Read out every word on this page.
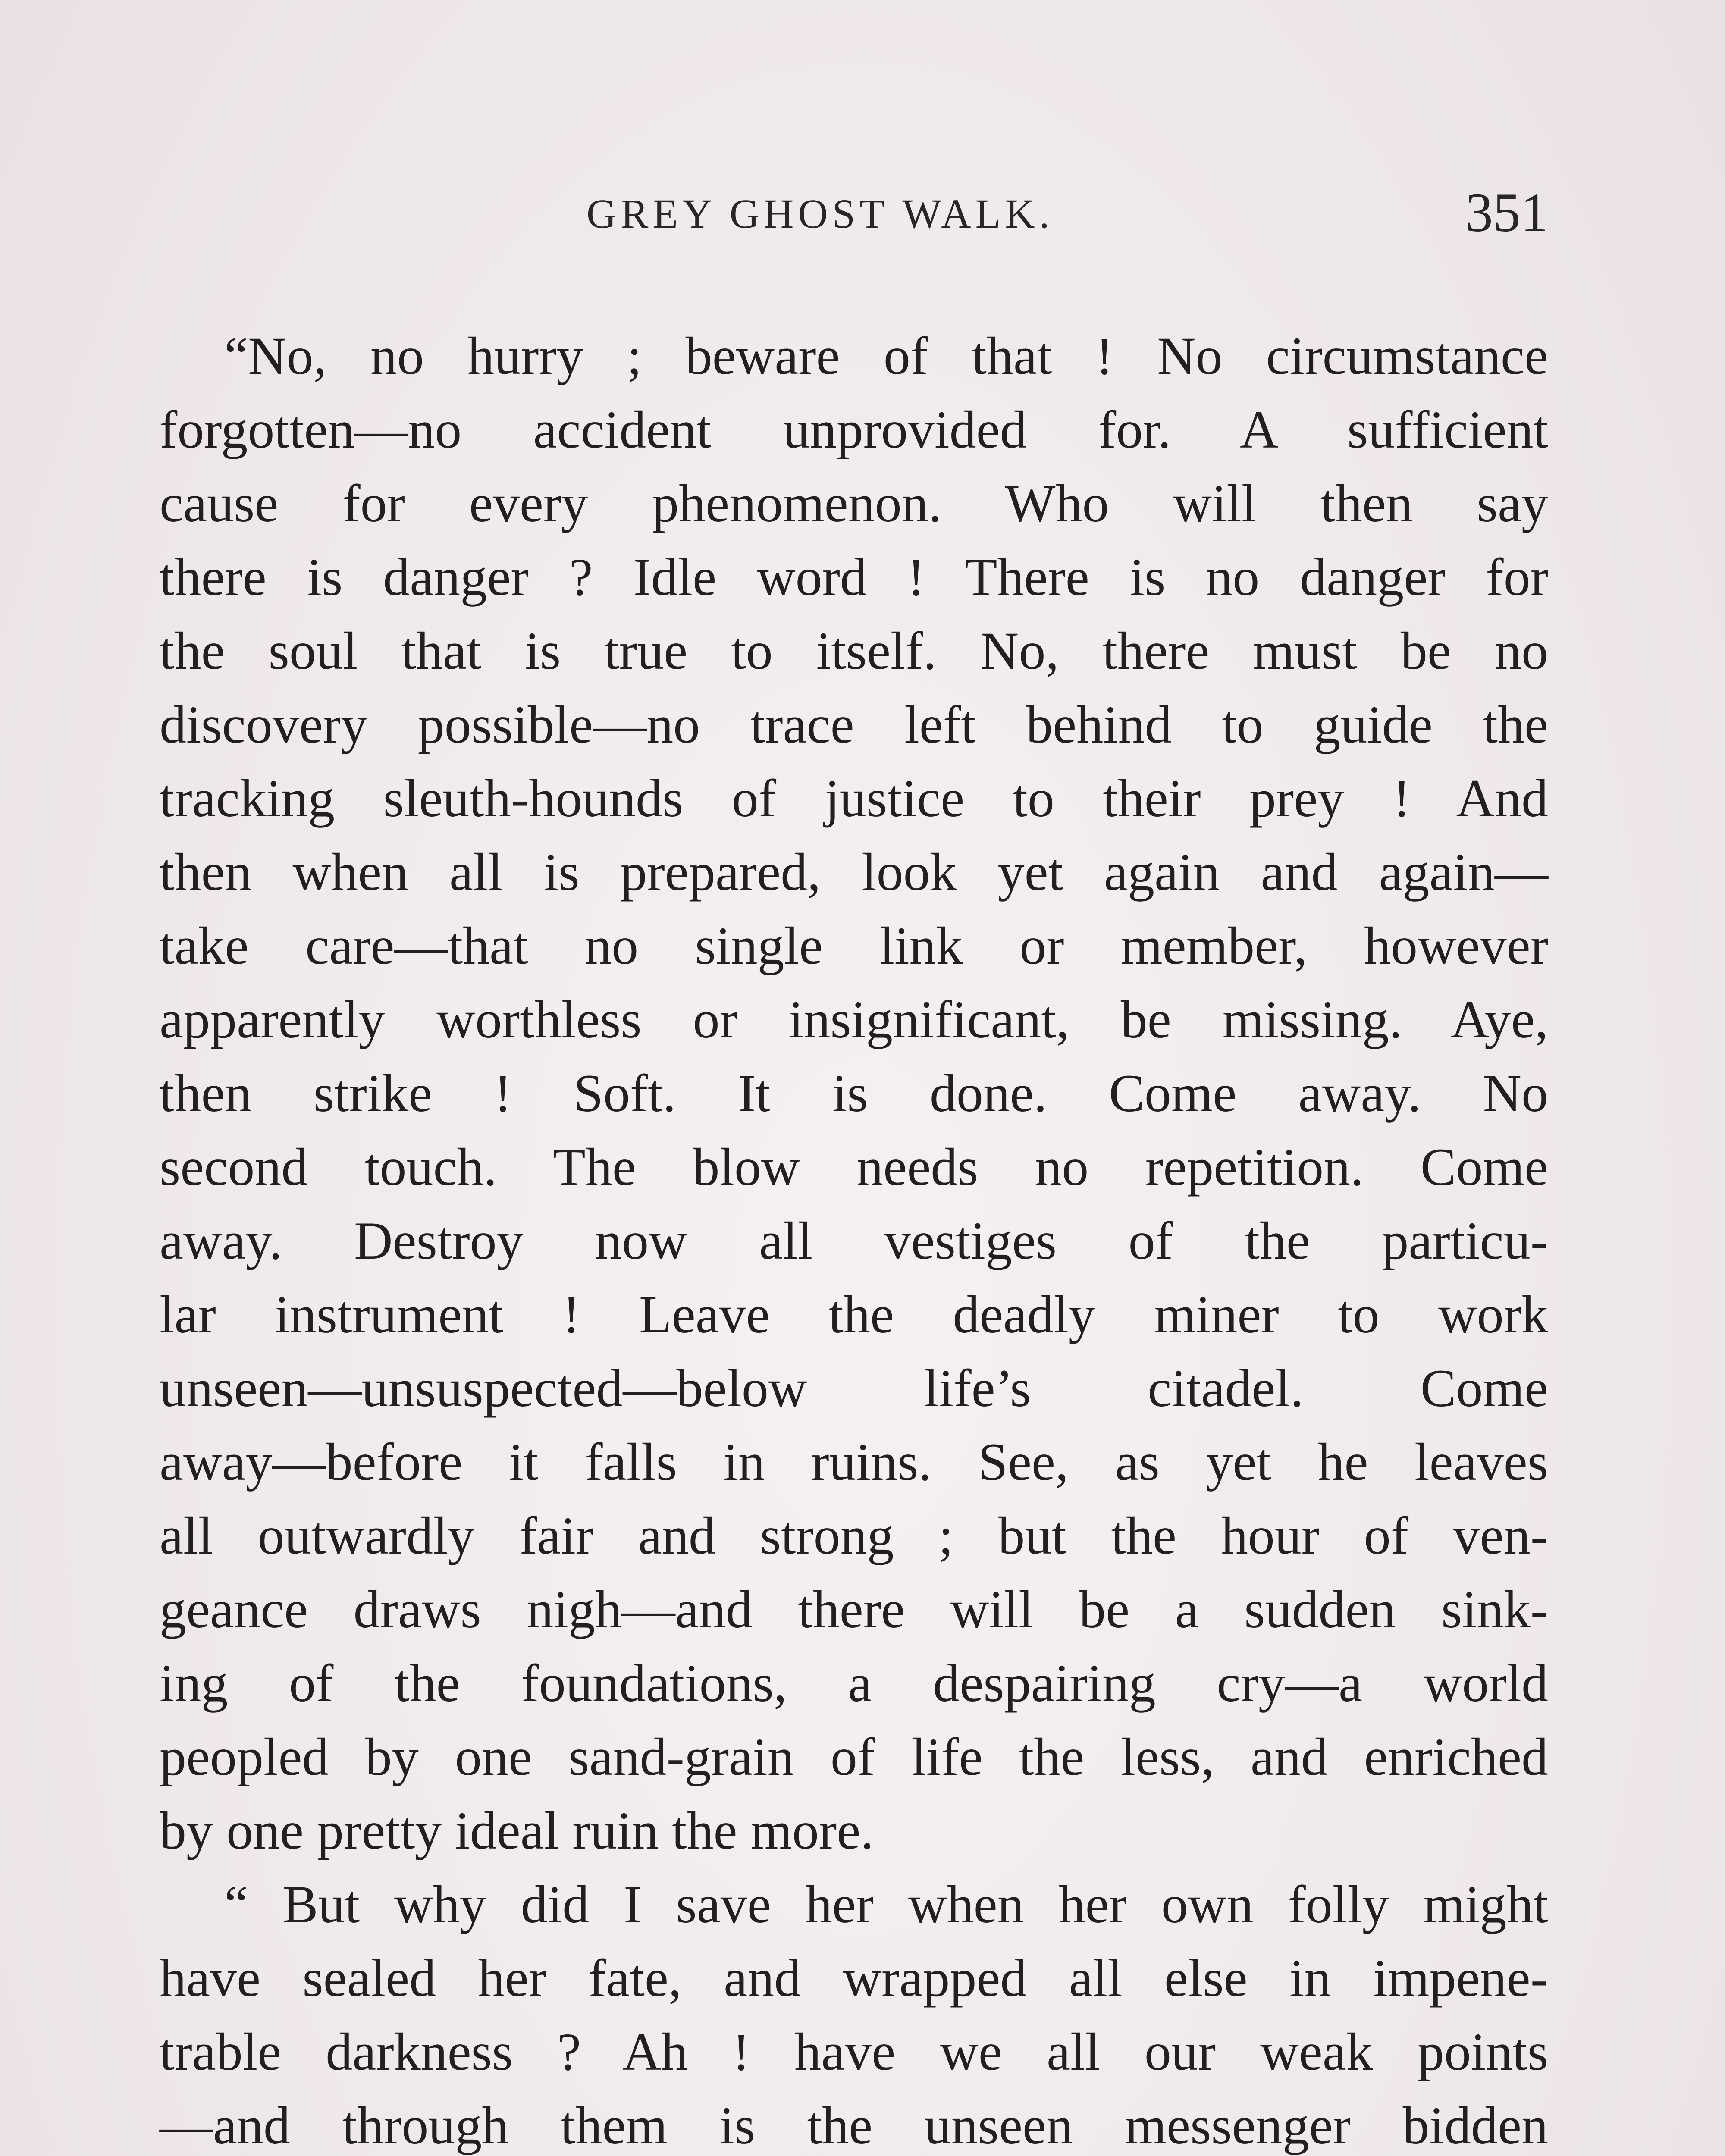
GREY GHOST WALK.	351
“No, no hurry ; beware of that ! No circumstance
forgotten—no accident unprovided for. A sufficient
cause for every phenomenon. Who will then say
there is danger ? Idle word ! There is no danger for
the soul that is true to itself. No, there must be no
discovery possible—no trace left behind to guide the
tracking sleuth-hounds of justice to their prey ! And
then when all is prepared, look yet again and again—
take care—that no single link or member, however
apparently worthless or insignificant, be missing. Aye,
then strike ! Soft. It is done. Come away. No
second touch. The blow needs no repetition. Come
away. Destroy now all vestiges of the particu-
lar instrument ! Leave the deadly miner to work
unseen—unsuspected—below life’s citadel. Come
away—before it falls in ruins. See, as yet he leaves
all outwardly fair and strong ; but the hour of ven-
geance draws nigh—and there will be a sudden sink-
ing of the foundations, a despairing cry—a world
peopled by one sand-grain of life the less, and enriched
by one pretty ideal ruin the more.
“ But why did I save her when her own folly might
have sealed her fate, and wrapped all else in impene-
trable darkness ? Ah ! have we all our weak points
—and through them is the unseen messenger bidden
